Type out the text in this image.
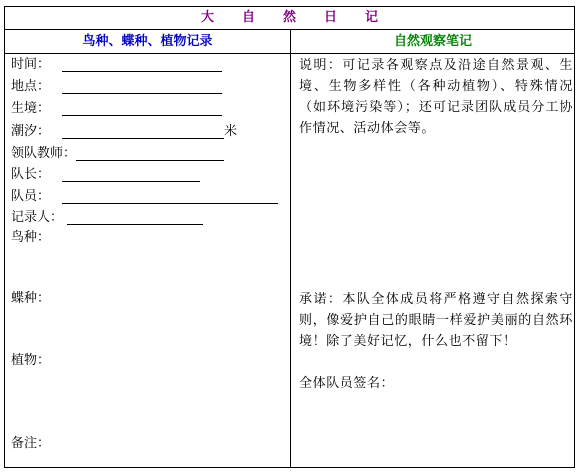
大 自 然 日 记
鸟种、蝶种、植物记录	自然观察笔记
时间：
地点：
生境：
潮汐：	米
领队教师：
队长：
队员：
记录人：
鸟种：
蝶种：
植物：
备注：
说明：可记录各观察点及沿途自然景观、生境、生物多样性（各种动植物）、特殊情况（如环境污染等）；还可记录团队成员分工协作情况、活动体会等。
承诺：本队全体成员将严格遵守自然探索守则，像爱护自己的眼睛一样爱护美丽的自然环境！除了美好记忆，什么也不留下！
全体队员签名：
